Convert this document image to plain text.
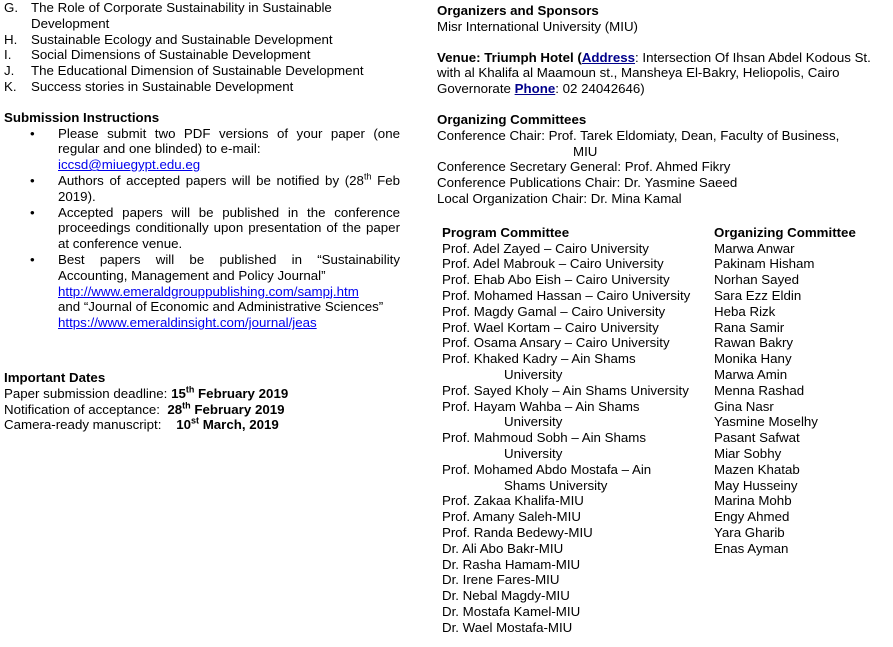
G. The Role of Corporate Sustainability in Sustainable Development
H.	Sustainable Ecology and Sustainable Development
I.	Social Dimensions of Sustainable Development
J.	The Educational Dimension of Sustainable Development
K.	Success stories in Sustainable Development

Submission Instructions

•	Please submit two PDF versions of your paper (one regular and one blinded) to e-mail:
iccsd@miuegypt.edu.eg
•	Authors of accepted papers will be notified by (28th Feb 2019).
•	Accepted papers will be published in the conference proceedings conditionally upon presentation of the paper at conference venue.
•	Best papers will be published in “Sustainability Accounting, Management and Policy Journal”
http://www.emeraldgrouppublishing.com/sampj.htm
and “Journal of Economic and Administrative Sciences”
https://www.emeraldinsight.com/journal/jeas

Important Dates

Paper submission deadline: 15th February 2019
Notification of acceptance:  28th February 2019
Camera-ready manuscript:    10st March, 2019

Organizers and Sponsors

Misr International University (MIU)
Venue: Triumph Hotel (Address: Intersection Of Ihsan Abdel Kodous St. with al Khalifa al Maamoun st., Mansheya El-Bakry, Heliopolis, Cairo Governorate Phone: 02 24042646)

Organizing Committees

Conference Chair: Prof. Tarek Eldomiaty, Dean, Faculty of Business,
MIU
Conference Secretary General: Prof. Ahmed Fikry
Conference Publications Chair: Dr. Yasmine Saeed
Local Organization Chair: Dr. Mina Kamal

Program Committee

Prof. Adel Zayed – Cairo University
Prof. Adel Mabrouk – Cairo University
Prof. Ehab Abo Eish – Cairo University
Prof. Mohamed Hassan – Cairo University
Prof. Magdy Gamal – Cairo University
Prof. Wael Kortam – Cairo University
Prof. Osama Ansary – Cairo University
Prof. Khaked Kadry – Ain Shams
University
Prof. Sayed Kholy – Ain Shams University
Prof. Hayam Wahba – Ain Shams
University
Prof. Mahmoud Sobh – Ain Shams
University
Prof. Mohamed Abdo Mostafa – Ain
Shams University
Prof. Zakaa Khalifa-MIU
Prof. Amany Saleh-MIU
Prof. Randa Bedewy-MIU
Dr. Ali Abo Bakr-MIU
Dr. Rasha Hamam-MIU
Dr. Irene Fares-MIU
Dr. Nebal Magdy-MIU
Dr. Mostafa Kamel-MIU
Dr. Wael Mostafa-MIU

Organizing Committee

Marwa Anwar
Pakinam Hisham
Norhan Sayed
Sara Ezz Eldin
Heba Rizk
Rana Samir
Rawan Bakry
Monika Hany
Marwa Amin
Menna Rashad
Gina Nasr
Yasmine Moselhy
Pasant Safwat
Miar Sobhy
Mazen Khatab
May Husseiny
Marina Mohb
Engy Ahmed
Yara Gharib
Enas Ayman
